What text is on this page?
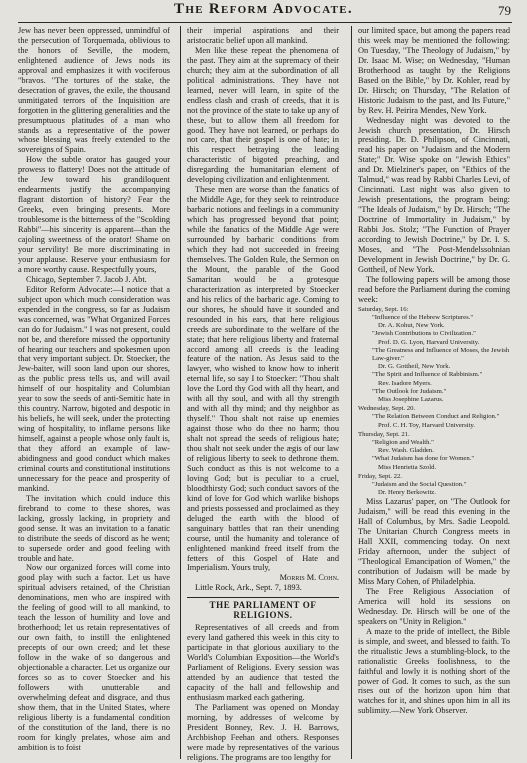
The Reform Advocate.	79

Jew has never been oppressed, unmindful of the persecution of Torquemada, oblivious to the honors of Seville, the modern, enlightened audience of Jews nods its approval and emphasizes it with vociferous "bravos. "The tortures of the stake, the desecration of graves, the exile, the thousand unmitigated terrors of the Inquisition are forgotten in the glittering generalities and the presumptuous platitudes of a man who stands as a representative of the power whose blessing was freely extended to the sovereigns of Spain.

How the subtle orator has gauged your prowess to flattery! Does not the attitude of the Jew toward his grandiloquent endearments justify the accompanying flagrant distortion of history? Fear the Greeks, even bringing presents. More troublesome is the bitterness of the "Scolding Rabbi"—his sincerity is apparent—than the cajoling sweetness of the orator! Shame on your servility! Be more discriminating in your applause. Reserve your enthusiasm for a more worthy cause. Respectfully yours,

Chicago, September 7. Jacob J. Abt.

Editor Reform Advocate:—I notice that a subject upon which much consideration was expended in the congress, so far as Judaism was concerned, was "What Organized Forces can do for Judaism." I was not present, could not be, and therefore missed the opportunity of hearing our teachers and spokesmen upon that very important subject. Dr. Stoecker, the Jew-baiter, will soon land upon our shores, as the public press tells us, and will avail himself of our hospitality and Columbian year to sow the seeds of anti-Semitic hate in this country. Narrow, bigoted and despotic in his beliefs, he will seek, under the protecting wing of hospitality, to inflame persons like himself, against a people whose only fault is, that they afford an example of law-abidingness and good conduct which makes criminal courts and constitutional institutions unnecessary for the peace and prosperity of mankind.

The invitation which could induce this firebrand to come to these shores, was lacking, grossly lacking, in propriety and good sense. It was an invitation to a fanatic to distribute the seeds of discord as he went; to supersede order and good feeling with trouble and hate.

Now our organized forces will come into good play with such a factor. Let us have spiritual advisers retained, of the Christian denominations, men who are inspired with the feeling of good will to all mankind, to teach the lesson of humility and love and brotherhood; let us retain representatives of our own faith, to instill the enlightened precepts of our own creed; and let these follow in the wake of so dangerous and objectionable a character. Let us organize our forces so as to cover Stoecker and his followers with unutterable and overwhelming defeat and disgrace, and thus show them, that in the United States, where religious liberty is a fundamental condition of the constitution of the land, there is no room for kingly prelates, whose aim and ambition is to foist

their imperial aspirations and their aristocratic belief upon all mankind.

Men like these repeat the phenomena of the past. They aim at the supremacy of their church; they aim at the subordination of all political administrations. They have not learned, never will learn, in spite of the endless clash and crash of creeds, that it is not the province of the state to take up any of these, but to allow them all freedom for good. They have not learned, or perhaps do not care, that their gospel is one of hate; in this respect betraying the leading characteristic of bigoted preaching, and disregarding the humanitarian element of developing civilization and enlightenment.

These men are worse than the fanatics of the Middle Age, for they seek to reintroduce barbaric notions and feelings in a community which has progressed beyond that point; while the fanatics of the Middle Age were surrounded by barbaric conditions from which they had not succeeded in freeing themselves. The Golden Rule, the Sermon on the Mount, the parable of the Good Samaritan would be a grotesque characterization as interpreted by Stoecker and his relics of the barbaric age. Coming to our shores, he should have it sounded and resounded in his ears, that here religious creeds are subordinate to the welfare of the state; that here religious liberty and fraternal accord among all creeds is the leading feature of the nation. As Jesus said to the lawyer, who wished to know how to inherit eternal life, so say I to Stoecker: "Thou shalt love the Lord thy God with all thy heart, and with all thy soul, and with all thy strength and with all thy mind; and thy neighbor as thyself." Thou shalt not raise up enemies against those who do thee no harm; thou shalt not spread the seeds of religious hate; thou shalt not seek under the ægis of our law of religious liberty to seek to dethrone them. Such conduct as this is not welcome to a loving God; but is peculiar to a cruel, bloodthirsty God; such conduct savors of the kind of love for God which warlike bishops and priests possessed and proclaimed as they deluged the earth with the blood of sanguinary battles that ran their unending course, until the humanity and tolerance of enlightened mankind freed itself from the fetters of this Gospel of Hate and Imperialism. Yours truly,

Morris M. Cohn.

Little Rock, Ark., Sept. 7, 1893.

THE PARLIAMENT OF RELIGIONS.

Representatives of all creeds and from every land gathered this week in this city to participate in that glorious auxiliary to the World's Columbian Exposition—the World's Parliament of Religions. Every session was attended by an audience that tested the capacity of the hall and fellowship and enthusiasm marked each gathering.

The Parliament was opened on Monday morning, by addresses of welcome by President Bonney, Rev. J. H. Barrows, Archbishop Feehan and others. Responses were made by representatives of the various religions. The programs are too lengthy for

our limited space, but among the papers read this week may be mentioned the following: On Tuesday, "The Theology of Judaism," by Dr. Isaac M. Wise; on Wednesday, "Human Brotherhood as taught by the Religions Based on the Bible," by Dr. Kohler, read by Dr. Hirsch; on Thursday, "The Relation of Historic Judaism to the past, and Its Future," by Rev. H. Peirira Mendes, New York.

Wednesday night was devoted to the Jewish church presentation, Dr. Hirsch presiding. Dr. D. Philipson, of Cincinnati, read his paper on "Judaism and the Modern State;" Dr. Wise spoke on "Jewish Ethics" and Dr. Mielziner's paper, on "Ethics of the Talmud," was read by Rabbi Charles Levi, of Cincinnati. Last night was also given to Jewish presentations, the program being: "The Ideals of Judaism," by Dr. Hirsch; "The Doctrine of Immortality in Judaism," by Rabbi Jos. Stolz; "The Function of Prayer according to Jewish Doctrine," by Dr. I. S. Moses, and "The Post-Mendelssohnian Development in Jewish Doctrine," by Dr. G. Gottheil, of New York.

The following papers will be among those read before the Parliament during the coming week:

Saturday, Sept. 16:
"Influence of the Hebrew Scriptures."
Dr. A. Kohut, New York.
"Jewish Contributions to Civilization."
Prof. D. G. Lyon, Harvard University.
"The Greatness and Influence of Moses, the Jewish Law-giver."
Dr. G. Gottheil, New York.
"The Spirit and Influence of Rabbinism."
Rev. Isadore Myers.
"The Outlook for Judaism."
Miss Josephine Lazarus.
Wednesday, Sept. 20.
"The Relation Between Conduct and Religion."
Prof. C. H. Toy, Harvard University.
Thursday, Sept. 21.
"Religion and Wealth."
Rev. Wash. Gladden.
"What Judaism has done for Women."
Miss Henrietta Szold.
Friday, Sept. 22.
"Judaism and the Social Question."
Dr. Henry Berkowitz.

Miss Lazarus' paper, on "The Outlook for Judaism," will be read this evening in the Hall of Columbus, by Mrs. Sadie Leopold. The Unitarian Church Congress meets in Hall XXII, commencing today. On next Friday afternoon, under the subject of "Theological Emancipation of Women," the contribution of Judaism will be made by Miss Mary Cohen, of Philadelphia.

The Free Religious Association of America will hold its sessions on Wednesday. Dr. Hirsch will be one of the speakers on "Unity in Religion."

A maze to the pride of intellect, the Bible is simple, and sweet, and blessed to faith. To the ritualistic Jews a stumbling-block, to the rationalistic Greeks foolishness, to the faithful and lowly it is nothing short of the power of God. It comes to such, as the sun rises out of the horizon upon him that watches for it, and shines upon him in all its sublimity.—New York Observer.
